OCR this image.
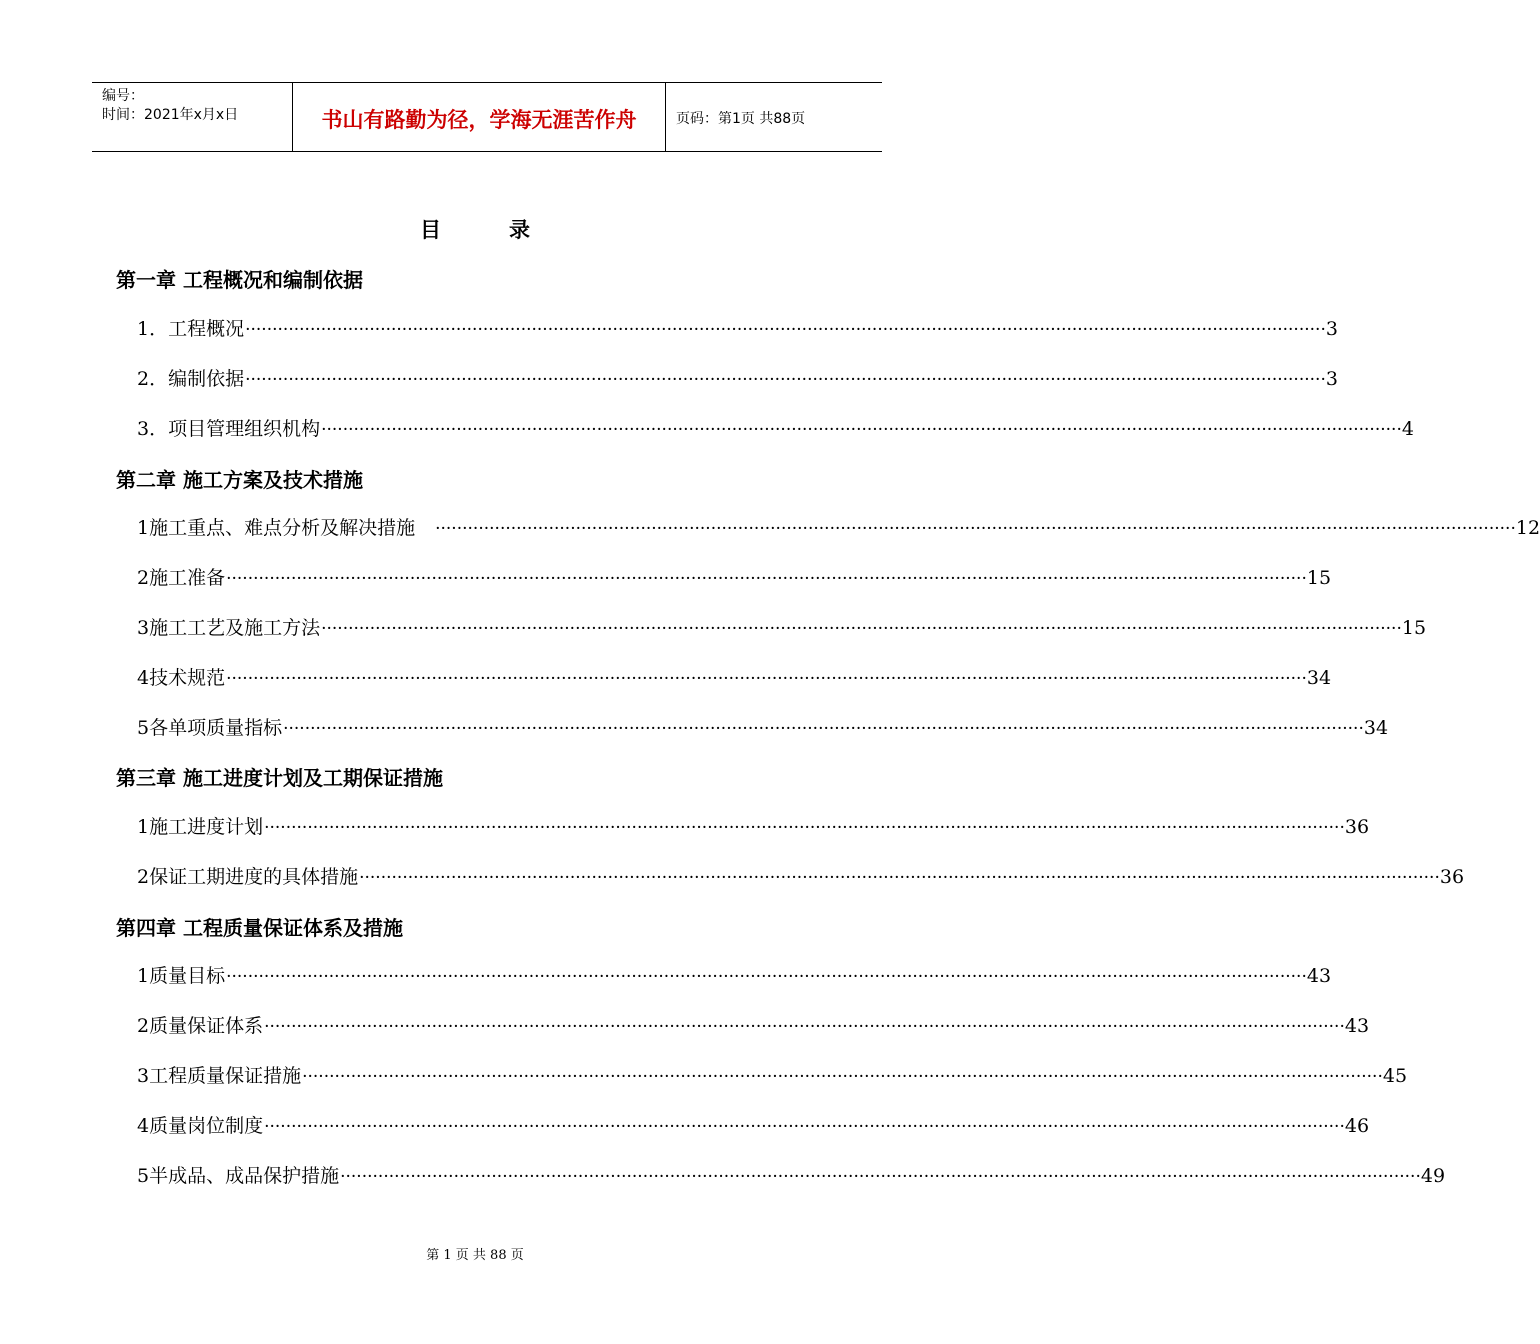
编号：
时间：2021年x月x日	书山有路勤为径，学海无涯苦作舟	页码：第1页 共88页
目	录
第一章 工程概况和编制依据
1．工程概况 ········································································································································································································ 3
2．编制依据 ········································································································································································································ 3
3．项目管理组织机构 ········································································································································································································ 4
第二章 施工方案及技术措施
1施工重点、难点分析及解决措施　 ········································································································································································································ 12
2施工准备 ········································································································································································································ 15
3施工工艺及施工方法 ········································································································································································································ 15
4技术规范 ········································································································································································································ 34
5各单项质量指标 ········································································································································································································ 34
第三章 施工进度计划及工期保证措施
1施工进度计划 ········································································································································································································ 36
2保证工期进度的具体措施 ········································································································································································································ 36
第四章 工程质量保证体系及措施
1质量目标 ········································································································································································································ 43
2质量保证体系 ········································································································································································································ 43
3工程质量保证措施 ········································································································································································································ 45
4质量岗位制度 ········································································································································································································ 46
5半成品、成品保护措施 ········································································································································································································ 49
第 1 页 共 88 页
